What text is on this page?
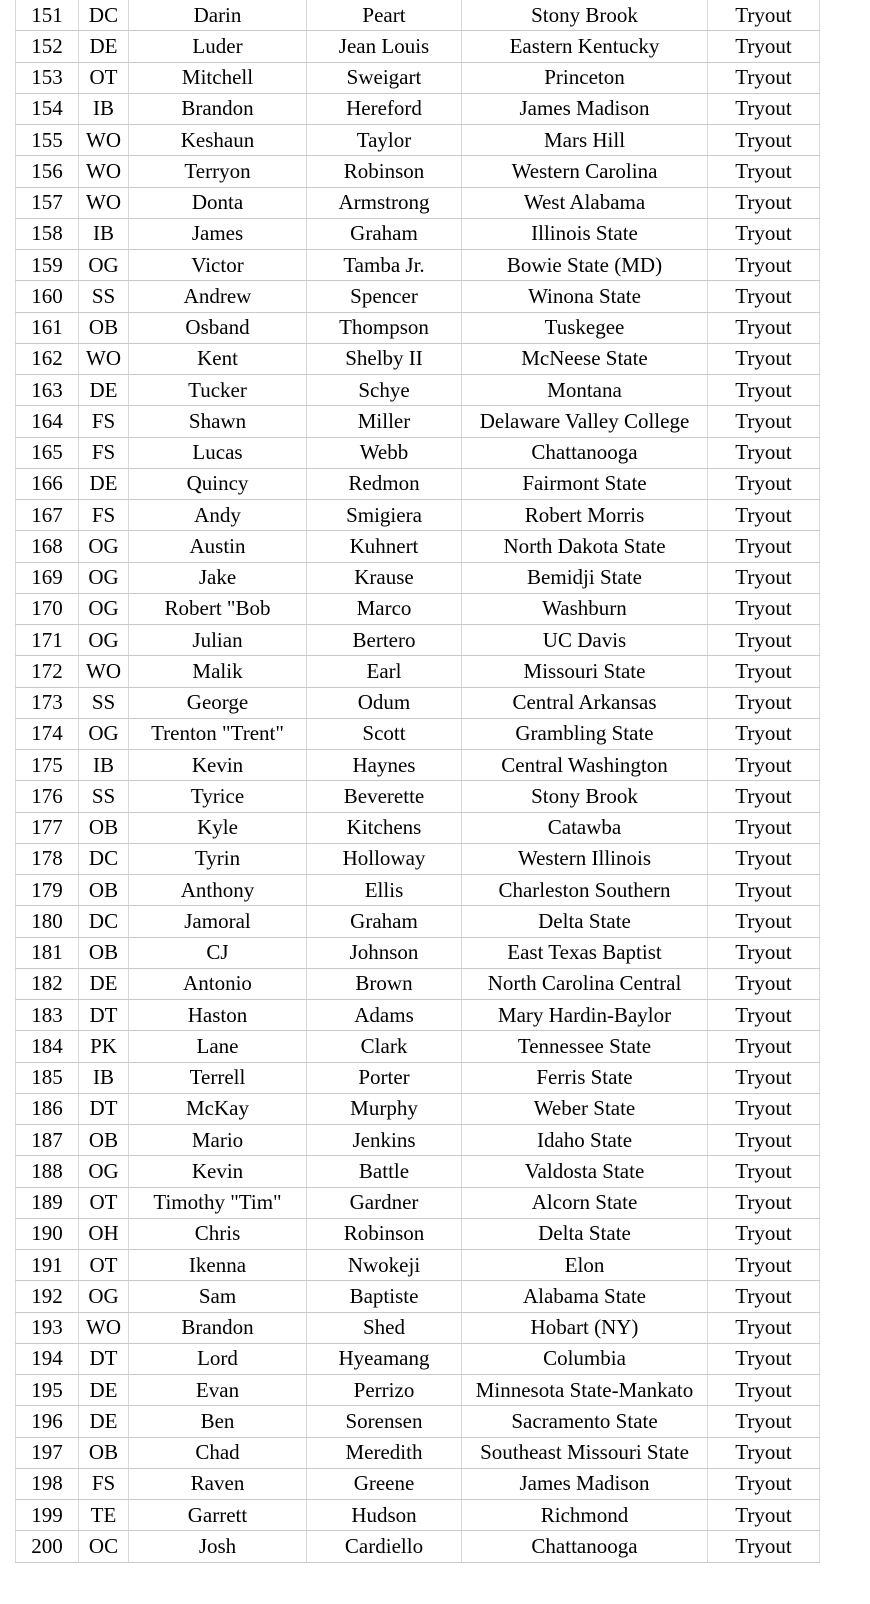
151	DC	Darin	Peart	Stony Brook	Tryout
152	DE	Luder	Jean Louis	Eastern Kentucky	Tryout
153	OT	Mitchell	Sweigart	Princeton	Tryout
154	IB	Brandon	Hereford	James Madison	Tryout
155	WO	Keshaun	Taylor	Mars Hill	Tryout
156	WO	Terryon	Robinson	Western Carolina	Tryout
157	WO	Donta	Armstrong	West Alabama	Tryout
158	IB	James	Graham	Illinois State	Tryout
159	OG	Victor	Tamba Jr.	Bowie State (MD)	Tryout
160	SS	Andrew	Spencer	Winona State	Tryout
161	OB	Osband	Thompson	Tuskegee	Tryout
162	WO	Kent	Shelby II	McNeese State	Tryout
163	DE	Tucker	Schye	Montana	Tryout
164	FS	Shawn	Miller	Delaware Valley College	Tryout
165	FS	Lucas	Webb	Chattanooga	Tryout
166	DE	Quincy	Redmon	Fairmont State	Tryout
167	FS	Andy	Smigiera	Robert Morris	Tryout
168	OG	Austin	Kuhnert	North Dakota State	Tryout
169	OG	Jake	Krause	Bemidji State	Tryout
170	OG	Robert "Bob	Marco	Washburn	Tryout
171	OG	Julian	Bertero	UC Davis	Tryout
172	WO	Malik	Earl	Missouri State	Tryout
173	SS	George	Odum	Central Arkansas	Tryout
174	OG	Trenton "Trent"	Scott	Grambling State	Tryout
175	IB	Kevin	Haynes	Central Washington	Tryout
176	SS	Tyrice	Beverette	Stony Brook	Tryout
177	OB	Kyle	Kitchens	Catawba	Tryout
178	DC	Tyrin	Holloway	Western Illinois	Tryout
179	OB	Anthony	Ellis	Charleston Southern	Tryout
180	DC	Jamoral	Graham	Delta State	Tryout
181	OB	CJ	Johnson	East Texas Baptist	Tryout
182	DE	Antonio	Brown	North Carolina Central	Tryout
183	DT	Haston	Adams	Mary Hardin-Baylor	Tryout
184	PK	Lane	Clark	Tennessee State	Tryout
185	IB	Terrell	Porter	Ferris State	Tryout
186	DT	McKay	Murphy	Weber State	Tryout
187	OB	Mario	Jenkins	Idaho State	Tryout
188	OG	Kevin	Battle	Valdosta State	Tryout
189	OT	Timothy "Tim"	Gardner	Alcorn State	Tryout
190	OH	Chris	Robinson	Delta State	Tryout
191	OT	Ikenna	Nwokeji	Elon	Tryout
192	OG	Sam	Baptiste	Alabama State	Tryout
193	WO	Brandon	Shed	Hobart (NY)	Tryout
194	DT	Lord	Hyeamang	Columbia	Tryout
195	DE	Evan	Perrizo	Minnesota State-Mankato	Tryout
196	DE	Ben	Sorensen	Sacramento State	Tryout
197	OB	Chad	Meredith	Southeast Missouri State	Tryout
198	FS	Raven	Greene	James Madison	Tryout
199	TE	Garrett	Hudson	Richmond	Tryout
200	OC	Josh	Cardiello	Chattanooga	Tryout
